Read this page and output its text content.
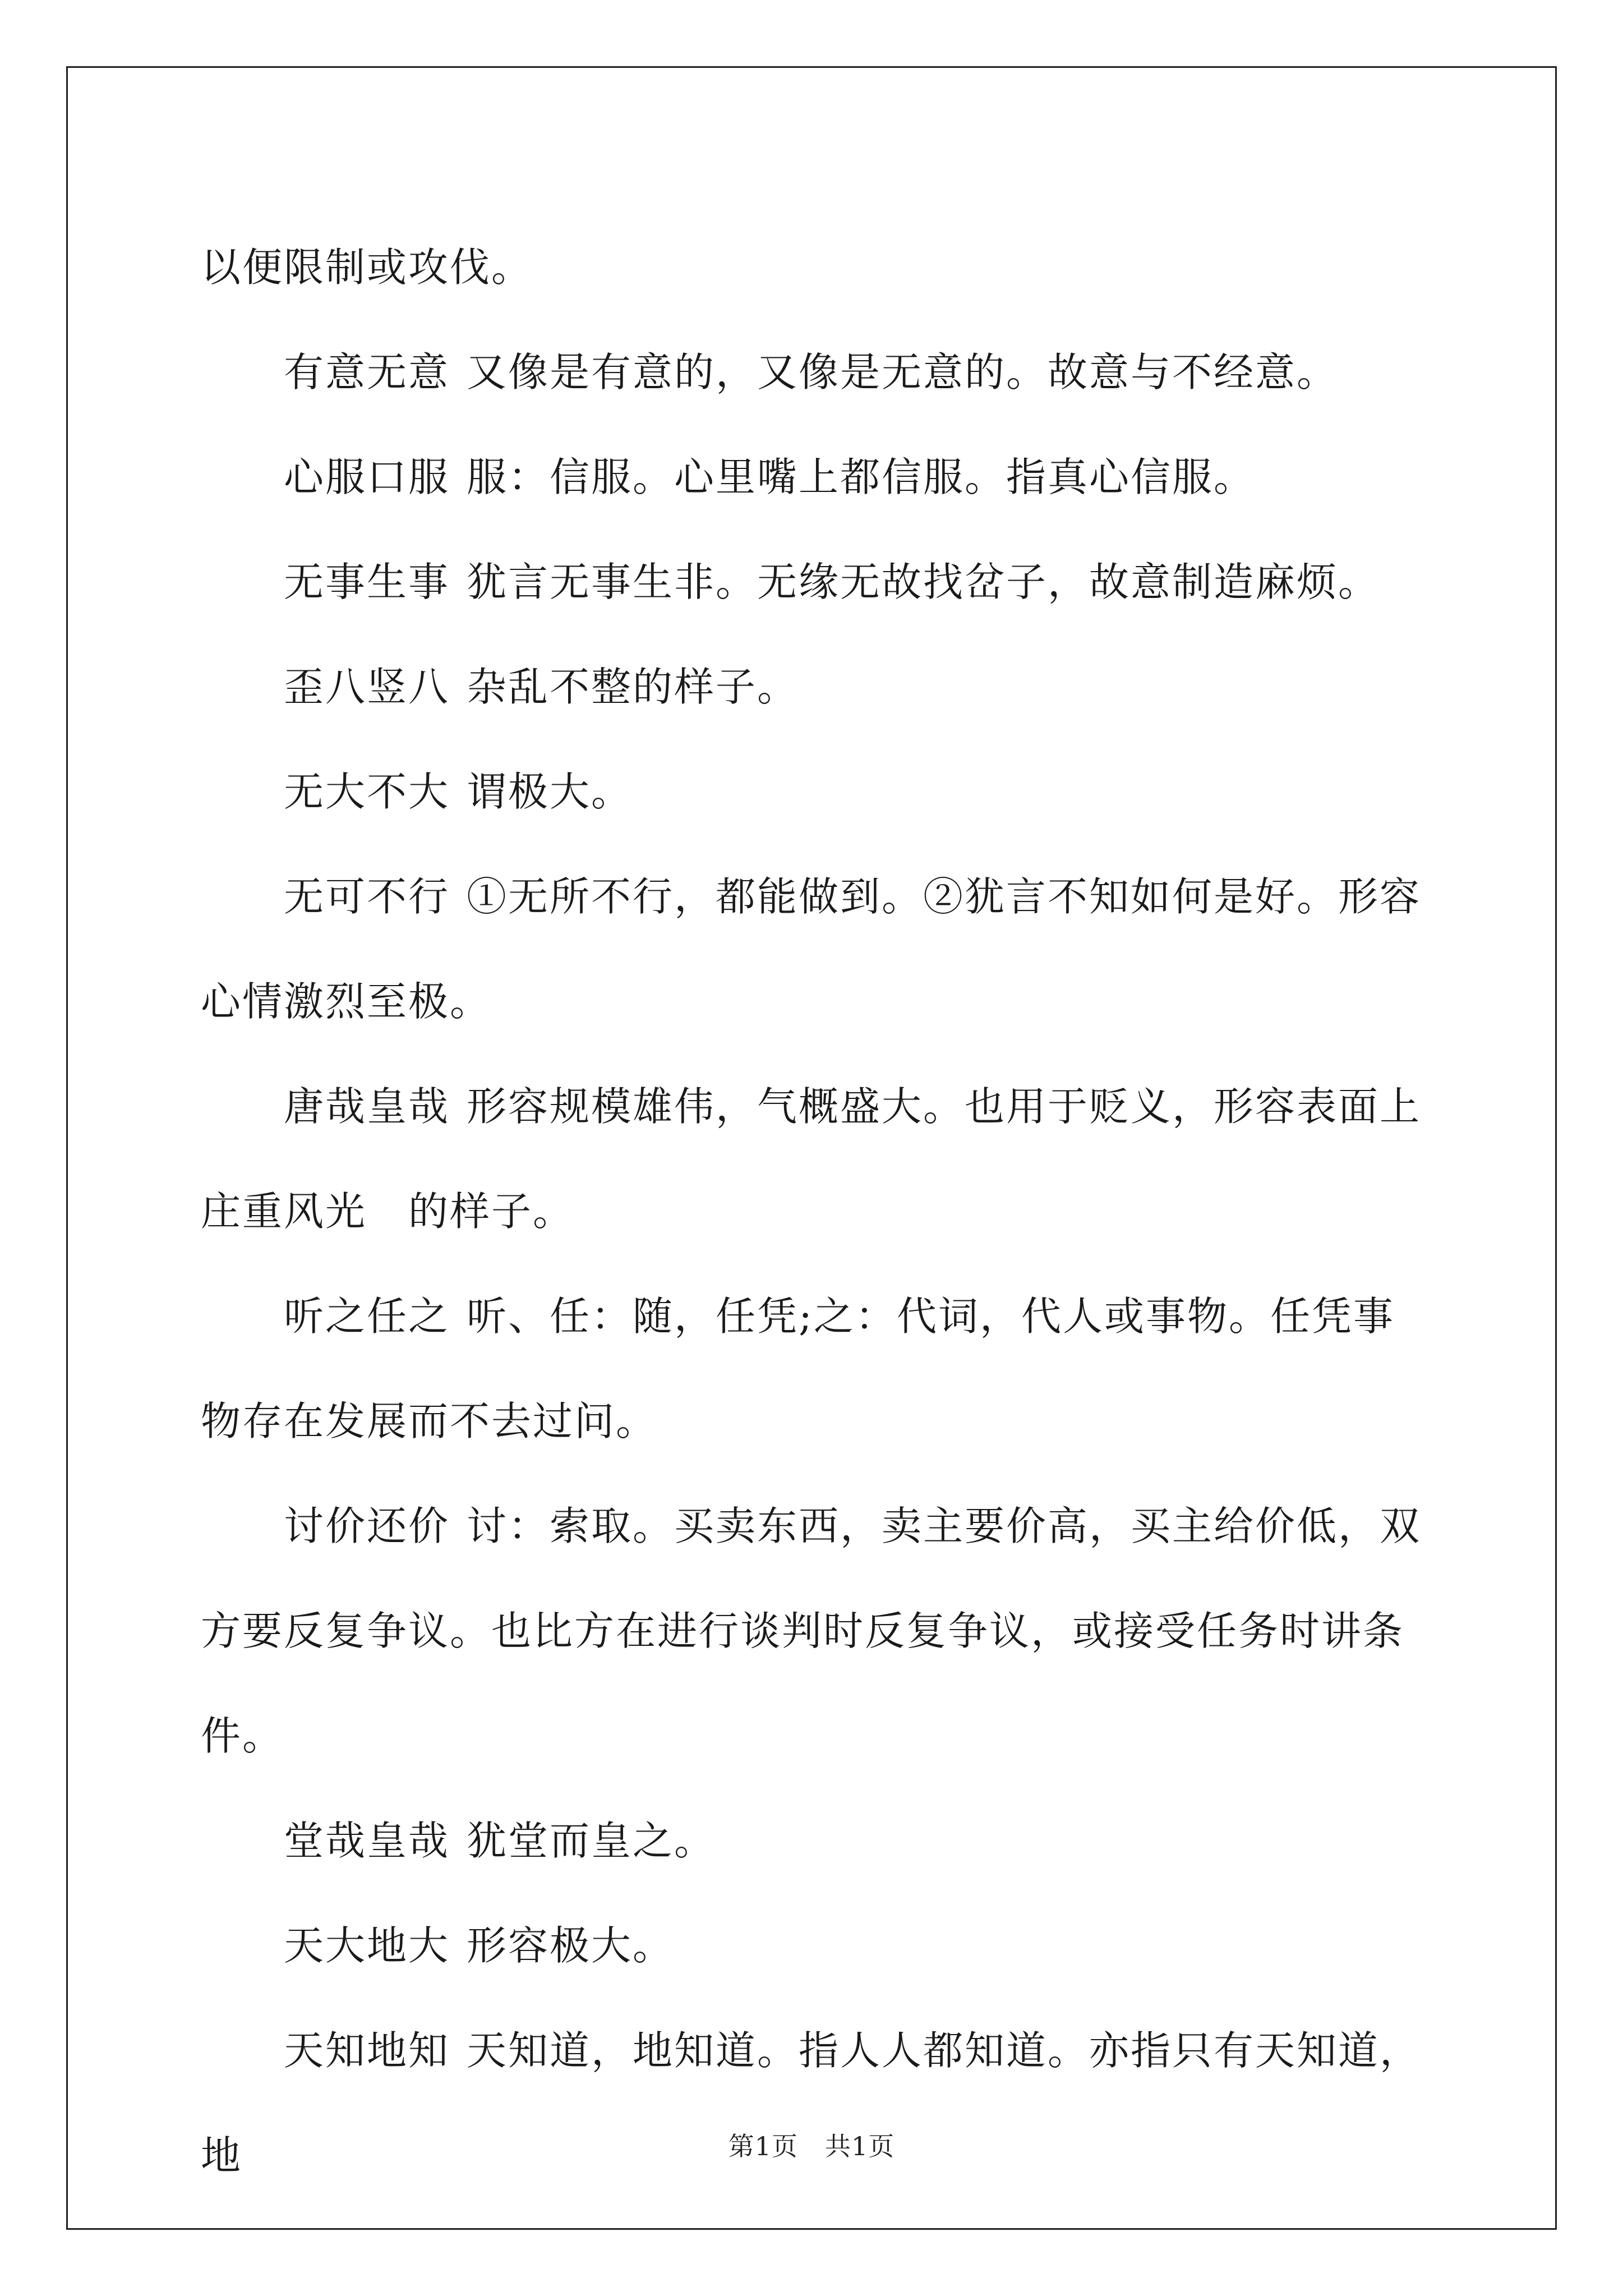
以便限制或攻伐。

有意无意 又像是有意的，又像是无意的。故意与不经意。

心服口服 服：信服。心里嘴上都信服。指真心信服。

无事生事 犹言无事生非。无缘无故找岔子，故意制造麻烦。

歪八竖八 杂乱不整的样子。

无大不大 谓极大。

无可不行 ①无所不行，都能做到。②犹言不知如何是好。形容心情激烈至极。

唐哉皇哉 形容规模雄伟，气概盛大。也用于贬义，形容表面上庄重风光　的样子。

听之任之 听、任：随，任凭;之：代词，代人或事物。任凭事物存在发展而不去过问。

讨价还价 讨：索取。买卖东西，卖主要价高，买主给价低，双方要反复争议。也比方在进行谈判时反复争议，或接受任务时讲条件。

堂哉皇哉 犹堂而皇之。

天大地大 形容极大。

天知地知 天知道，地知道。指人人都知道。亦指只有天知道，地	第1页 共1页
